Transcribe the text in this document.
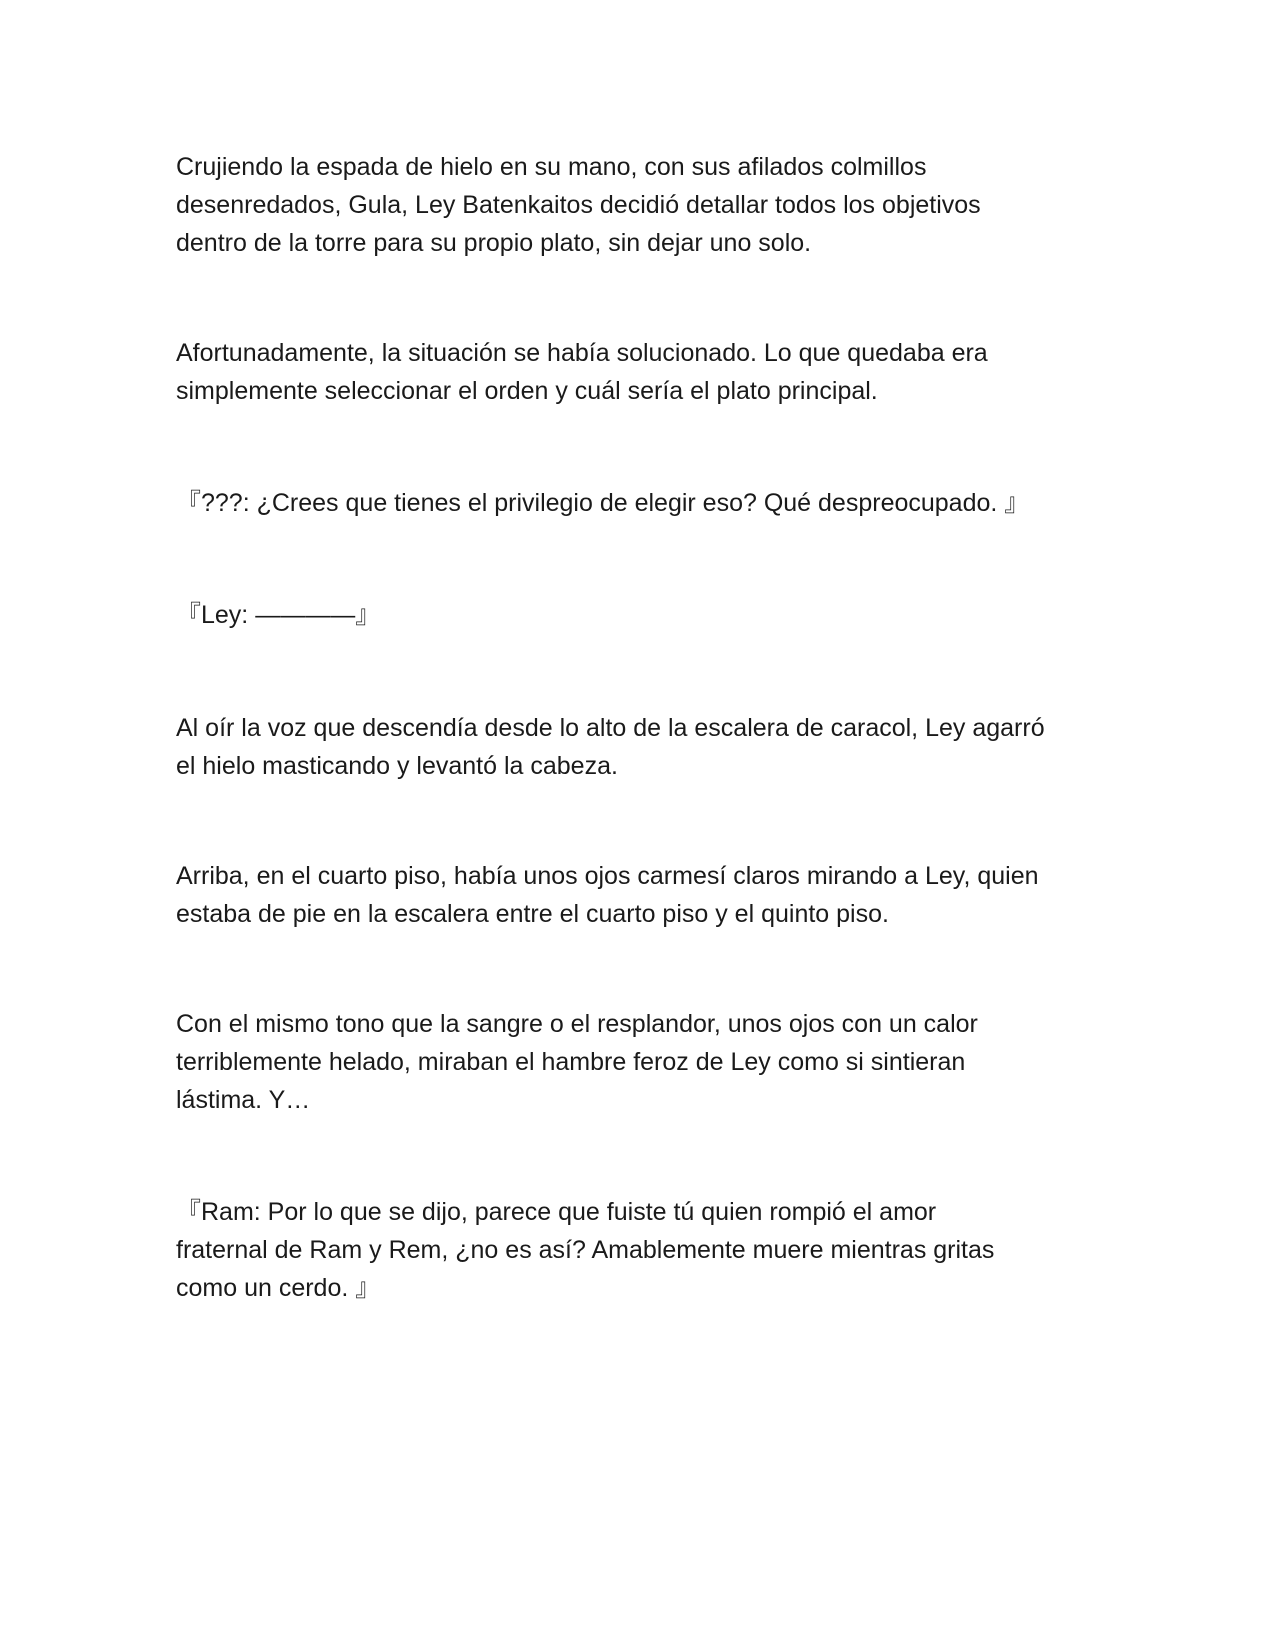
Crujiendo la espada de hielo en su mano, con sus afilados colmillos
desenredados, Gula, Ley Batenkaitos decidió detallar todos los objetivos
dentro de la torre para su propio plato, sin dejar uno solo.
Afortunadamente, la situación se había solucionado. Lo que quedaba era
simplemente seleccionar el orden y cuál sería el plato principal.
『???: ¿Crees que tienes el privilegio de elegir eso? Qué despreocupado. 』
『Ley: ————』
Al oír la voz que descendía desde lo alto de la escalera de caracol, Ley agarró
el hielo masticando y levantó la cabeza.
Arriba, en el cuarto piso, había unos ojos carmesí claros mirando a Ley, quien
estaba de pie en la escalera entre el cuarto piso y el quinto piso.
Con el mismo tono que la sangre o el resplandor, unos ojos con un calor
terriblemente helado, miraban el hambre feroz de Ley como si sintieran
lástima. Y…
『Ram: Por lo que se dijo, parece que fuiste tú quien rompió el amor
fraternal de Ram y Rem, ¿no es así? Amablemente muere mientras gritas
como un cerdo. 』
